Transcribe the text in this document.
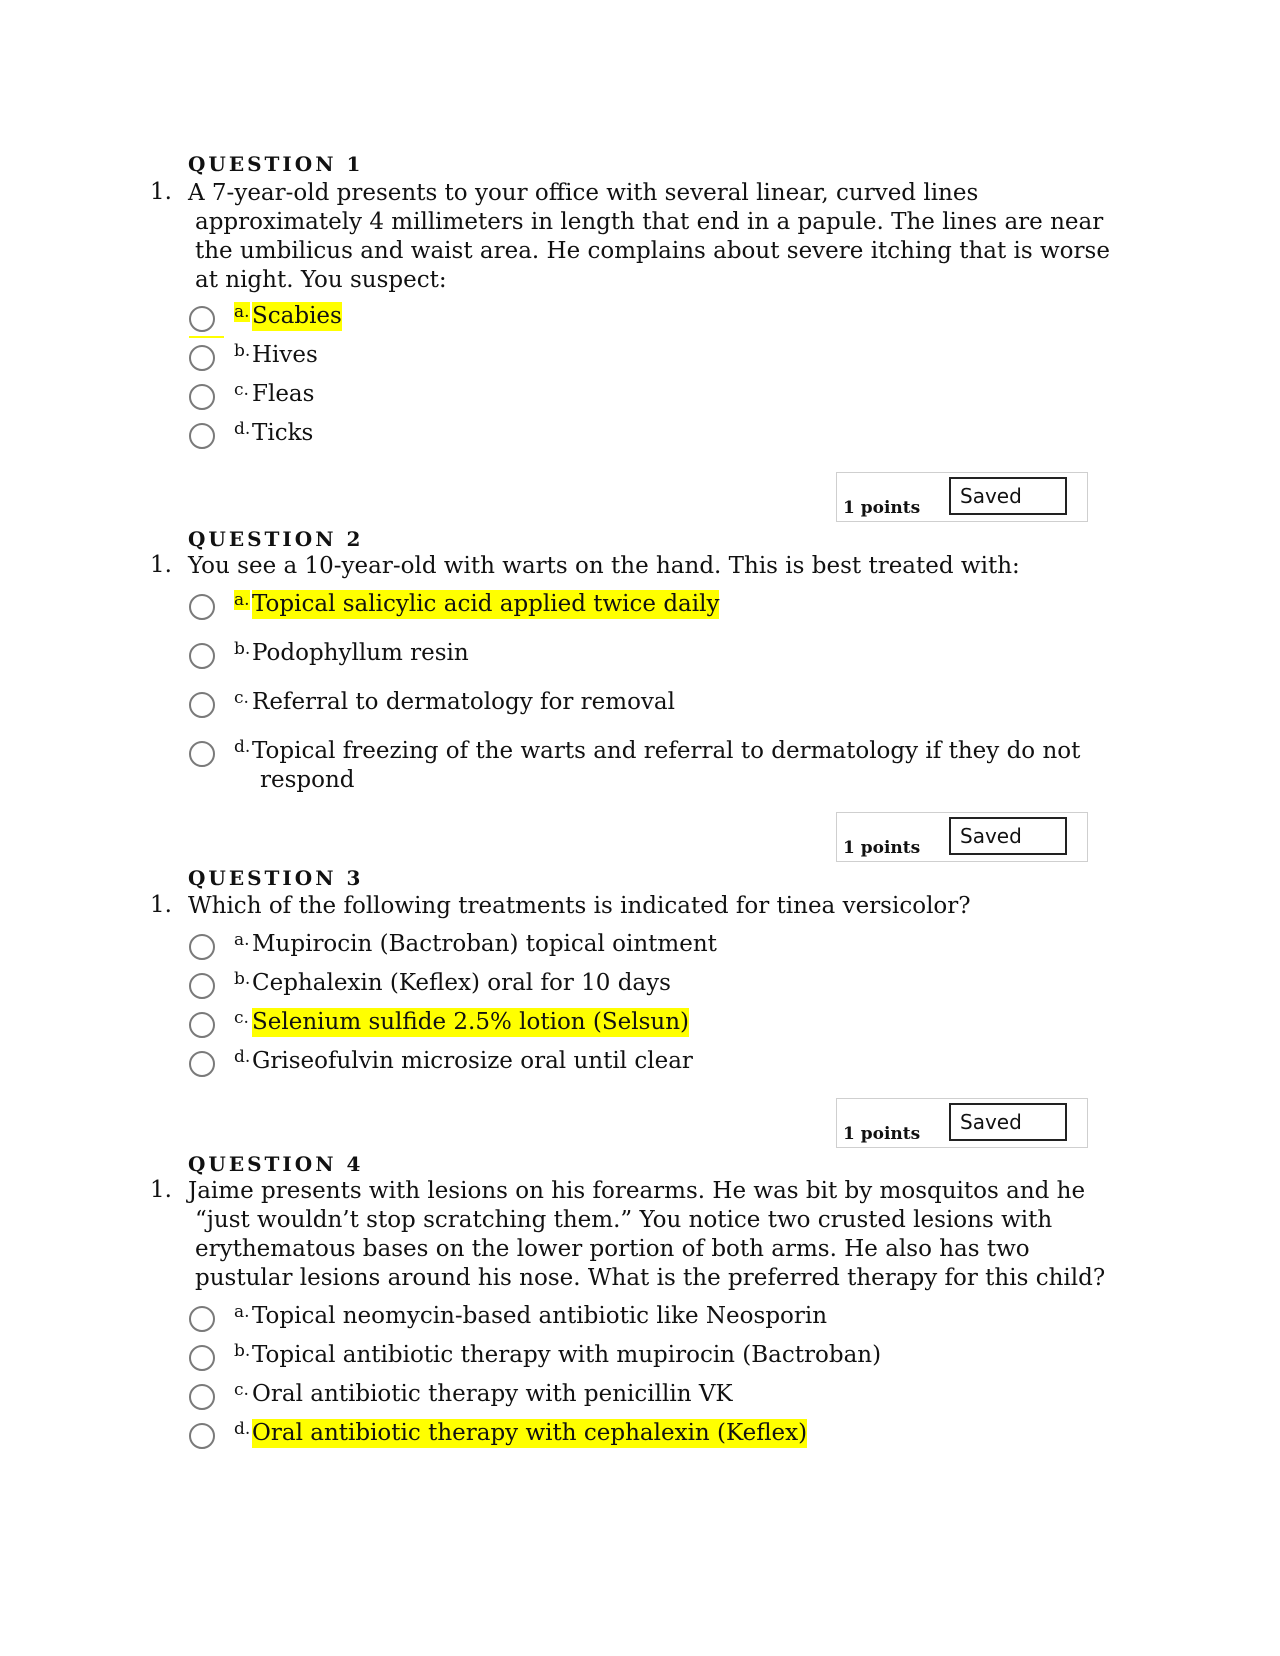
QUESTION 1
1. A 7-year-old presents to your office with several linear, curved lines
approximately 4 millimeters in length that end in a papule. The lines are near
the umbilicus and waist area. He complains about severe itching that is worse
at night. You suspect:
a. Scabies
b. Hives
c. Fleas
d. Ticks
1 points	Saved
QUESTION 2
1. You see a 10-year-old with warts on the hand. This is best treated with:
a. Topical salicylic acid applied twice daily
b. Podophyllum resin
c. Referral to dermatology for removal
d. Topical freezing of the warts and referral to dermatology if they do not
respond
1 points	Saved
QUESTION 3
1. Which of the following treatments is indicated for tinea versicolor?
a. Mupirocin (Bactroban) topical ointment
b. Cephalexin (Keflex) oral for 10 days
c. Selenium sulfide 2.5% lotion (Selsun)
d. Griseofulvin microsize oral until clear
1 points	Saved
QUESTION 4
1. Jaime presents with lesions on his forearms. He was bit by mosquitos and he
“just wouldn’t stop scratching them.” You notice two crusted lesions with
erythematous bases on the lower portion of both arms. He also has two
pustular lesions around his nose. What is the preferred therapy for this child?
a. Topical neomycin-based antibiotic like Neosporin
b. Topical antibiotic therapy with mupirocin (Bactroban)
c. Oral antibiotic therapy with penicillin VK
d. Oral antibiotic therapy with cephalexin (Keflex)
